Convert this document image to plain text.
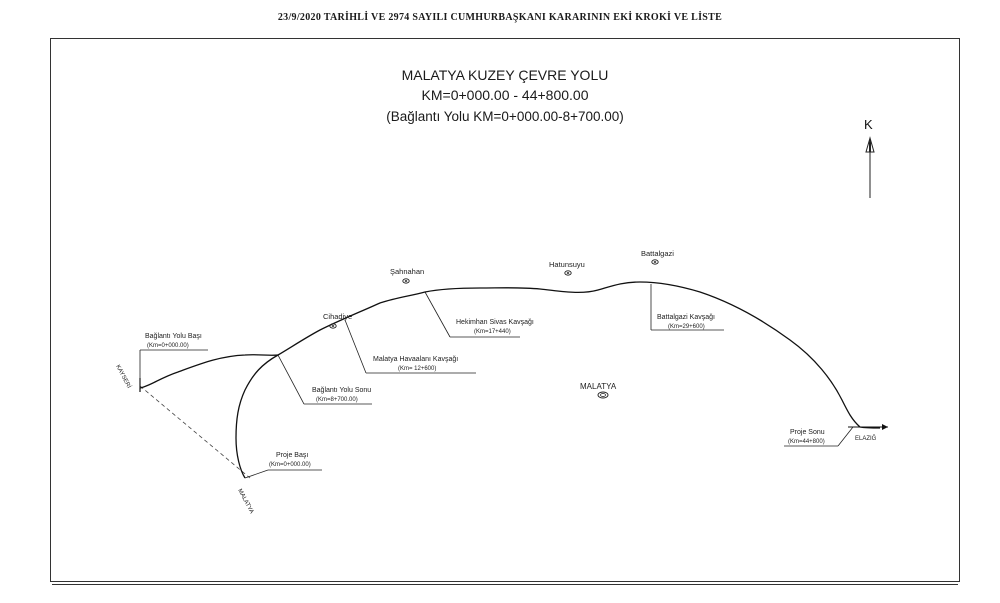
23/9/2020 TARİHLİ VE 2974 SAYILI CUMHURBAŞKANI KARARININ EKİ KROKİ VE LİSTE
MALATYA KUZEY ÇEVRE YOLU
KM=0+000.00 - 44+800.00
(Bağlantı Yolu KM=0+000.00-8+700.00)
K
KAYSERİ
MALATYA
ELAZIĞ
Cihadiye
Şahnahan
Hatunsuyu
Battalgazi
MALATYA
Bağlantı Yolu Başı
(Km=0+000.00)
Bağlantı Yolu Sonu
(Km=8+700.00)
Proje Başı
(Km=0+000.00)
Malatya Havaalanı Kavşağı
(Km= 12+600)
Hekimhan Sivas Kavşağı
(Km=17+440)
Battalgazi Kavşağı
(Km=29+600)
Proje Sonu
(Km=44+800)
